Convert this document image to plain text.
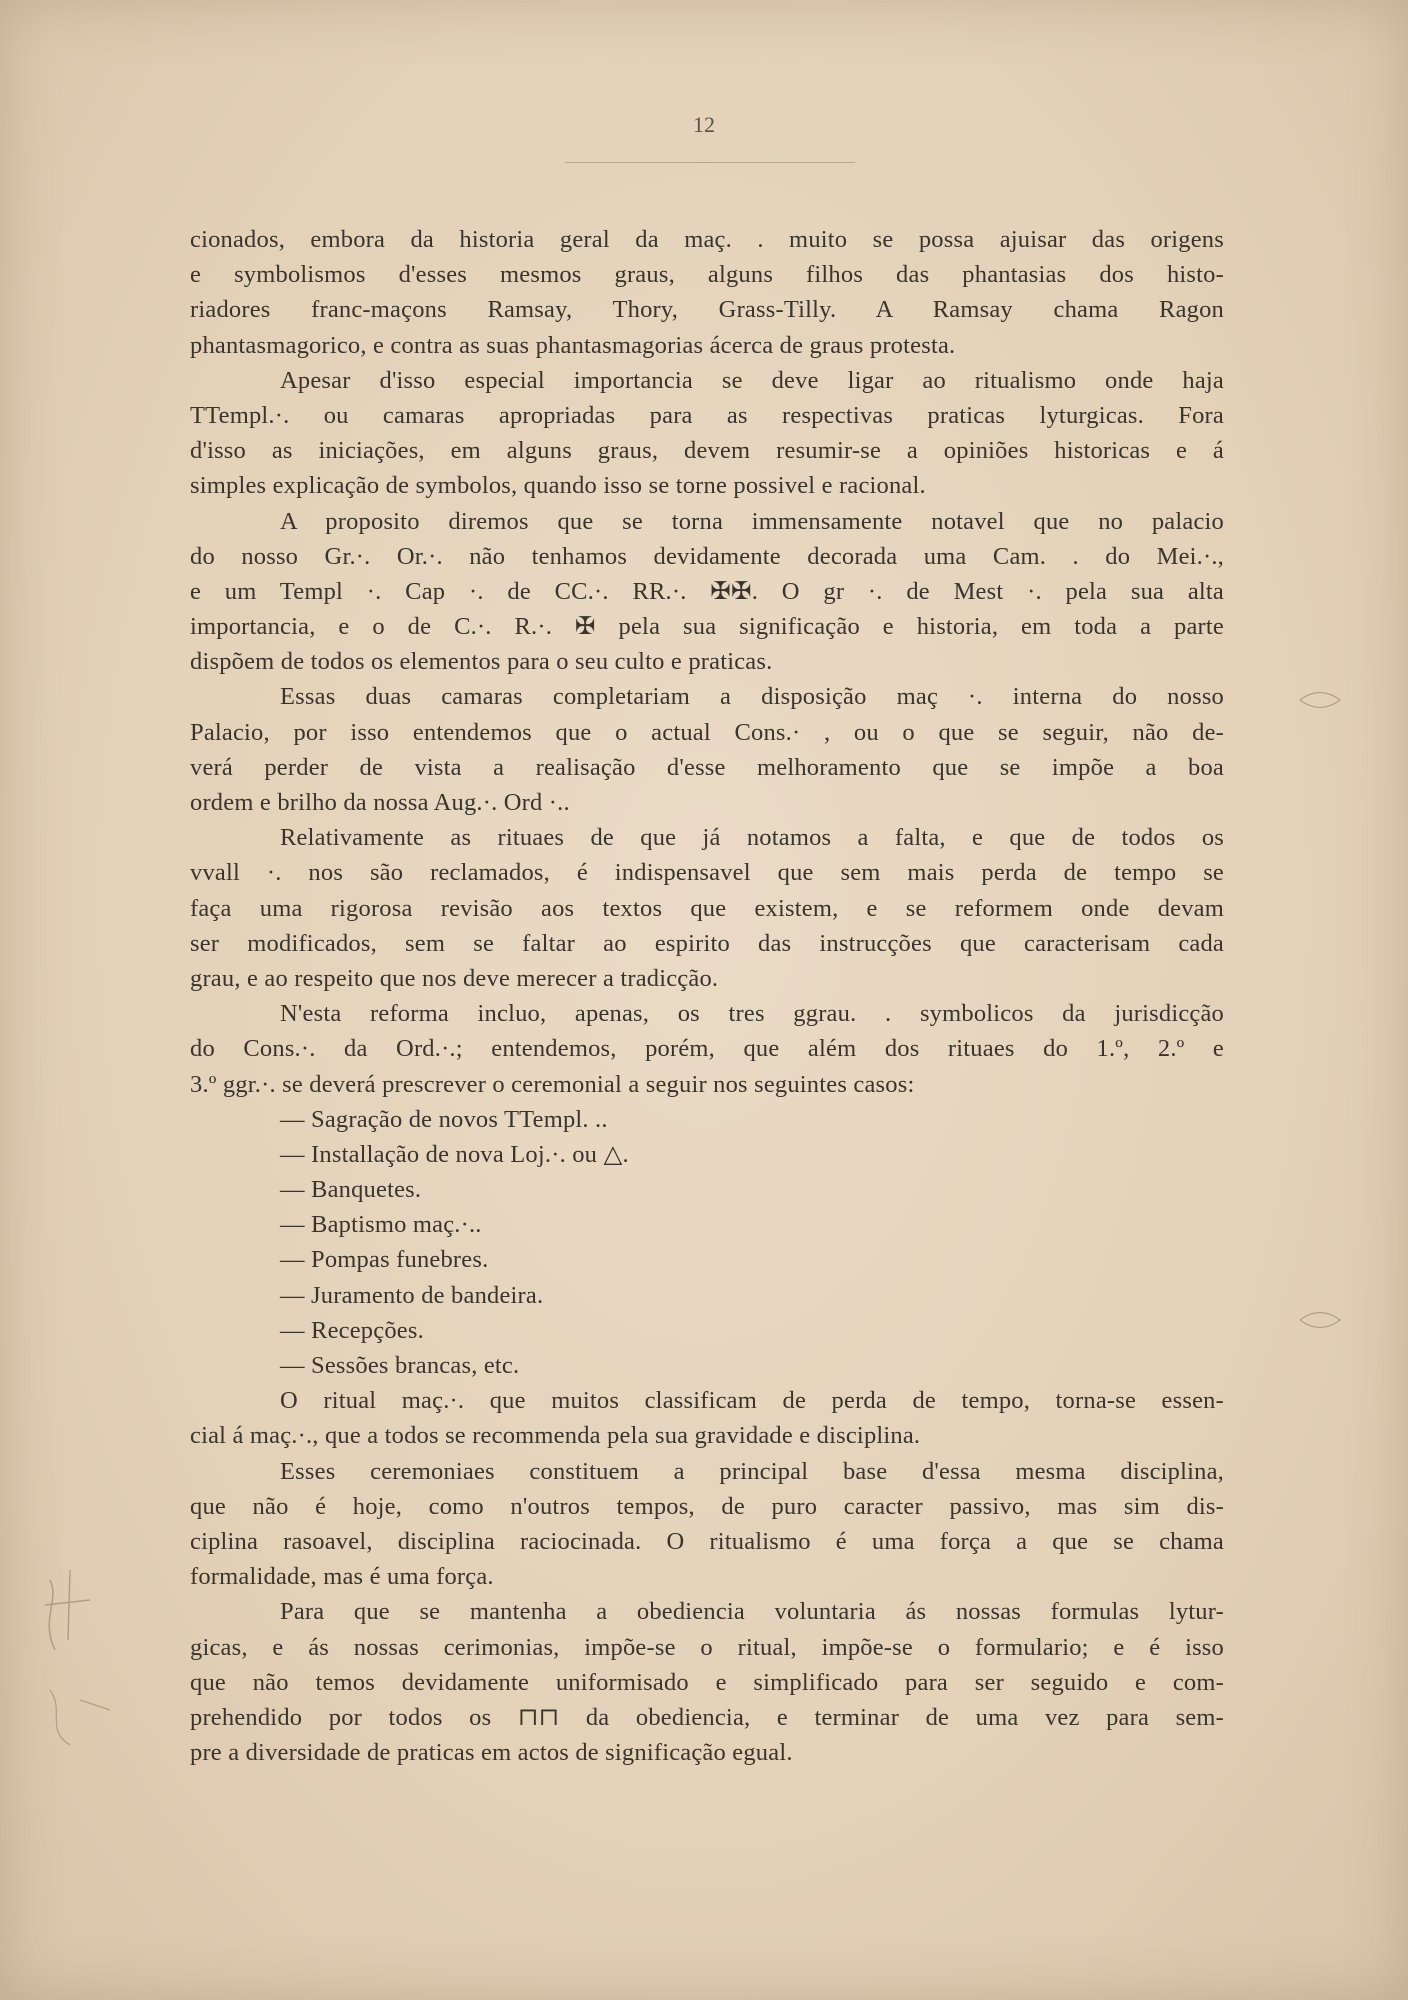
12
cionados, embora da historia geral da maç. . muito se possa ajuisar das origens
e symbolismos d'esses mesmos graus, alguns filhos das phantasias dos histo-
riadores franc-maçons Ramsay, Thory, Grass-Tilly. A Ramsay chama Ragon
phantasmagorico, e contra as suas phantasmagorias ácerca de graus protesta.
Apesar d'isso especial importancia se deve ligar ao ritualismo onde haja
TTempl.·. ou camaras apropriadas para as respectivas praticas lyturgicas. Fora
d'isso as iniciações, em alguns graus, devem resumir-se a opiniões historicas e á
simples explicação de symbolos, quando isso se torne possivel e racional.
A proposito diremos que se torna immensamente notavel que no palacio
do nosso Gr.·. Or.·. não tenhamos devidamente decorada uma Cam. . do Mei.·.,
e um Templ ·. Cap ·. de CC.·. RR.·. ✠✠. O gr ·. de Mest ·. pela sua alta
importancia, e o de C.·. R.·. ✠ pela sua significação e historia, em toda a parte
dispõem de todos os elementos para o seu culto e praticas.
Essas duas camaras completariam a disposição maç ·. interna do nosso
Palacio, por isso entendemos que o actual Cons.· , ou o que se seguir, não de-
verá perder de vista a realisação d'esse melhoramento que se impõe a boa
ordem e brilho da nossa Aug.·. Ord ·..
Relativamente as rituaes de que já notamos a falta, e que de todos os
vvall ·. nos são reclamados, é indispensavel que sem mais perda de tempo se
faça uma rigorosa revisão aos textos que existem, e se reformem onde devam
ser modificados, sem se faltar ao espirito das instrucções que caracterisam cada
grau, e ao respeito que nos deve merecer a tradicção.
N'esta reforma incluo, apenas, os tres ggrau. . symbolicos da jurisdicção
do Cons.·. da Ord.·.; entendemos, porém, que além dos rituaes do 1.º, 2.º e
3.º ggr.·. se deverá prescrever o ceremonial a seguir nos seguintes casos:
— Sagração de novos TTempl. ..
— Installação de nova Loj.·. ou △.
— Banquetes.
— Baptismo maç.·..
— Pompas funebres.
— Juramento de bandeira.
— Recepções.
— Sessões brancas, etc.
O ritual maç.·. que muitos classificam de perda de tempo, torna-se essen-
cial á maç.·., que a todos se recommenda pela sua gravidade e disciplina.
Esses ceremoniaes constituem a principal base d'essa mesma disciplina,
que não é hoje, como n'outros tempos, de puro caracter passivo, mas sim dis-
ciplina rasoavel, disciplina raciocinada. O ritualismo é uma força a que se chama
formalidade, mas é uma força.
Para que se mantenha a obediencia voluntaria ás nossas formulas lytur-
gicas, e ás nossas cerimonias, impõe-se o ritual, impõe-se o formulario; e é isso
que não temos devidamente uniformisado e simplificado para ser seguido e com-
prehendido por todos os ⊓⊓ da obediencia, e terminar de uma vez para sem-
pre a diversidade de praticas em actos de significação egual.
